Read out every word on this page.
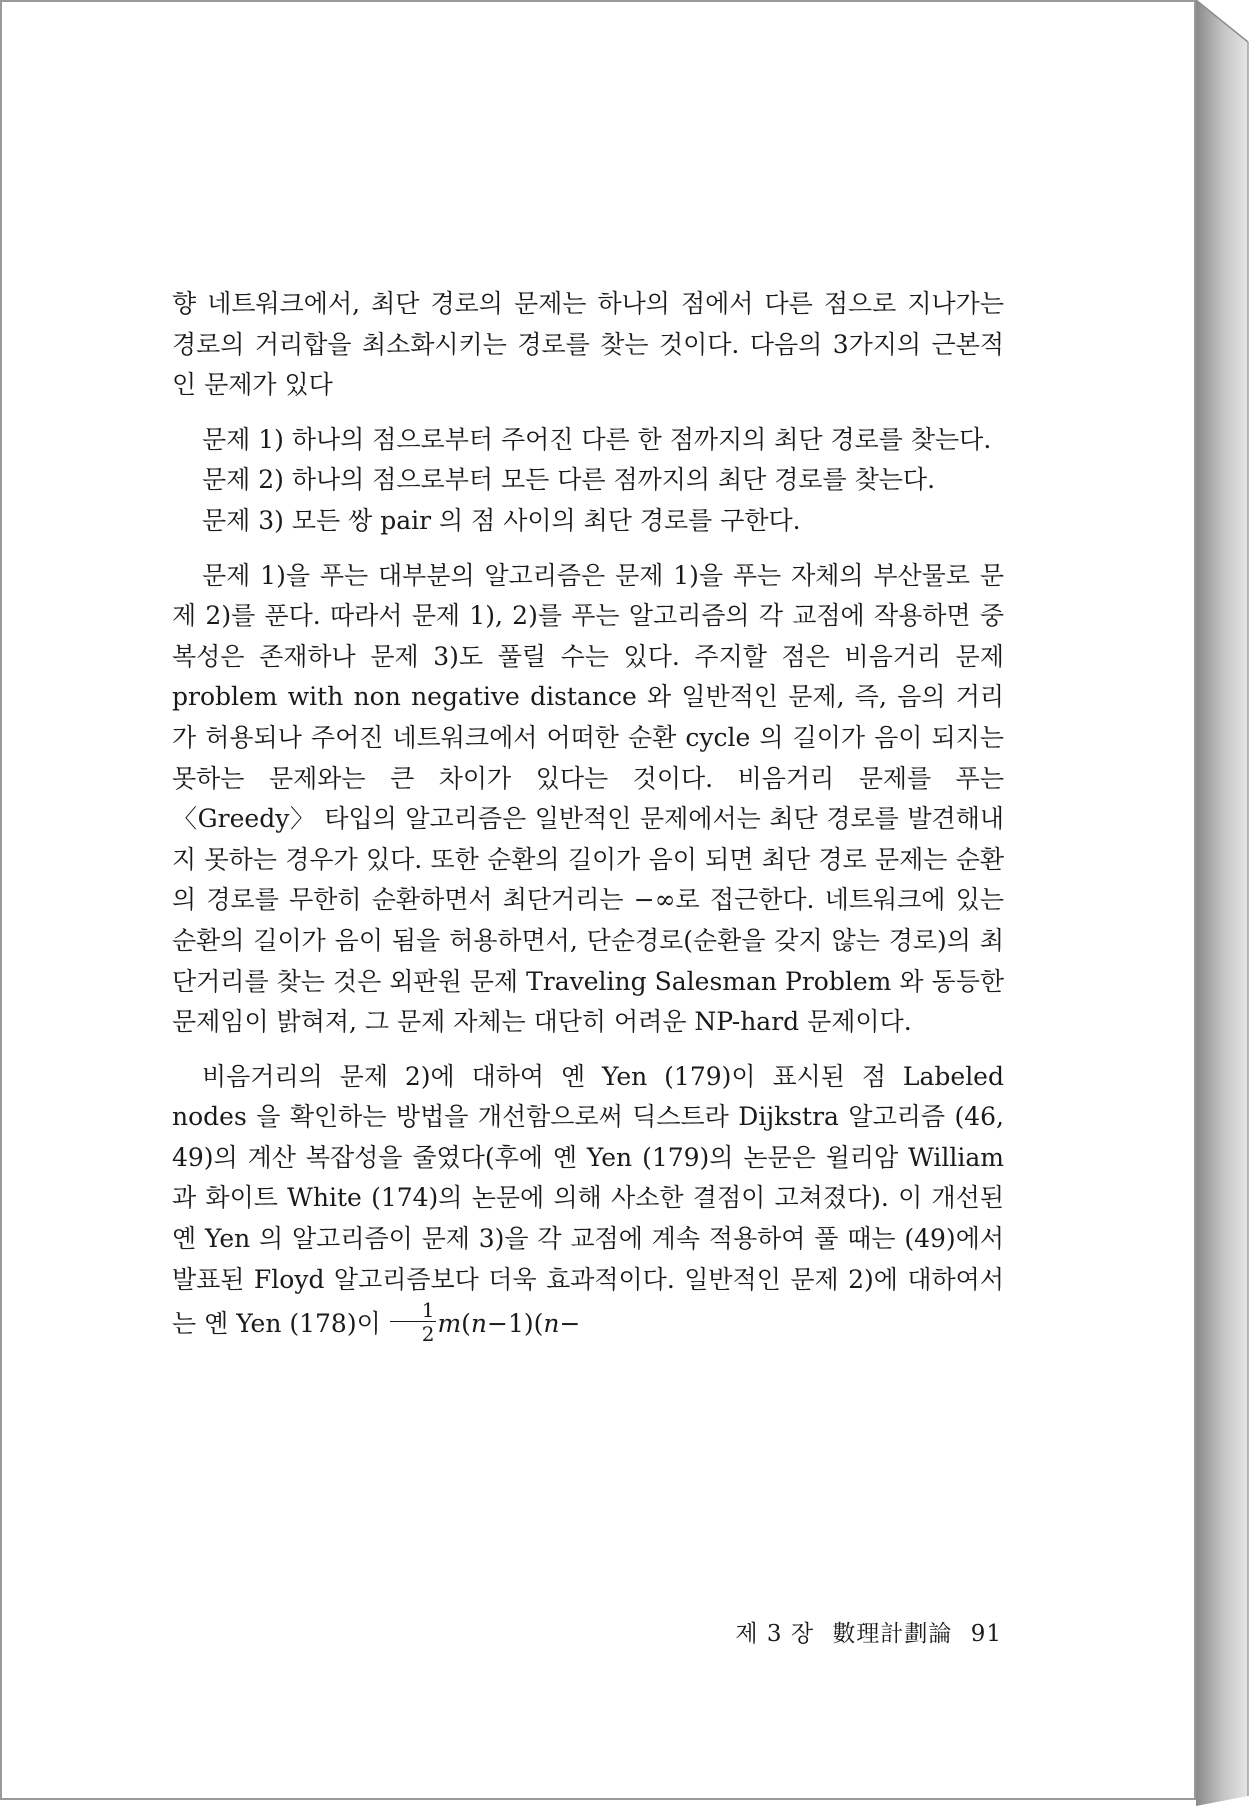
향 네트워크에서, 최단 경로의 문제는 하나의 점에서 다른 점으로 지나가는 경로의 거리합을 최소화시키는 경로를 찾는 것이다. 다음의 3가지의 근본적인 문제가 있다

문제 1) 하나의 점으로부터 주어진 다른 한 점까지의 최단 경로를 찾는다.

문제 2) 하나의 점으로부터 모든 다른 점까지의 최단 경로를 찾는다.

문제 3) 모든 쌍 pair 의 점 사이의 최단 경로를 구한다.

문제 1)을 푸는 대부분의 알고리즘은 문제 1)을 푸는 자체의 부산물로 문제 2)를 푼다. 따라서 문제 1), 2)를 푸는 알고리즘의 각 교점에 작용하면 중복성은 존재하나 문제 3)도 풀릴 수는 있다. 주지할 점은 비음거리 문제 problem with non negative distance 와 일반적인 문제, 즉, 음의 거리가 허용되나 주어진 네트워크에서 어떠한 순환 cycle 의 길이가 음이 되지는 못하는 문제와는 큰 차이가 있다는 것이다. 비음거리 문제를 푸는 〈Greedy〉 타입의 알고리즘은 일반적인 문제에서는 최단 경로를 발견해내지 못하는 경우가 있다. 또한 순환의 길이가 음이 되면 최단 경로 문제는 순환의 경로를 무한히 순환하면서 최단거리는 −∞로 접근한다. 네트워크에 있는 순환의 길이가 음이 됨을 허용하면서, 단순경로(순환을 갖지 않는 경로)의 최단거리를 찾는 것은 외판원 문제 Traveling Salesman Problem 와 동등한 문제임이 밝혀져, 그 문제 자체는 대단히 어려운 NP-hard 문제이다.

비음거리의 문제 2)에 대하여 옌 Yen (179)이 표시된 점 Labeled nodes 을 확인하는 방법을 개선함으로써 딕스트라 Dijkstra 알고리즘 (46, 49)의 계산 복잡성을 줄였다(후에 옌 Yen (179)의 논문은 윌리암 William 과 화이트 White (174)의 논문에 의해 사소한 결점이 고쳐졌다). 이 개선된 옌 Yen 의 알고리즘이 문제 3)을 각 교점에 계속 적용하여 풀 때는 (49)에서 발표된 Floyd 알고리즘보다 더욱 효과적이다. 일반적인 문제 2)에 대하여서는 옌 Yen (178)이 $\frac{1}{2} m(n-1)(n-$

제 3 장 數理計劃論 91
